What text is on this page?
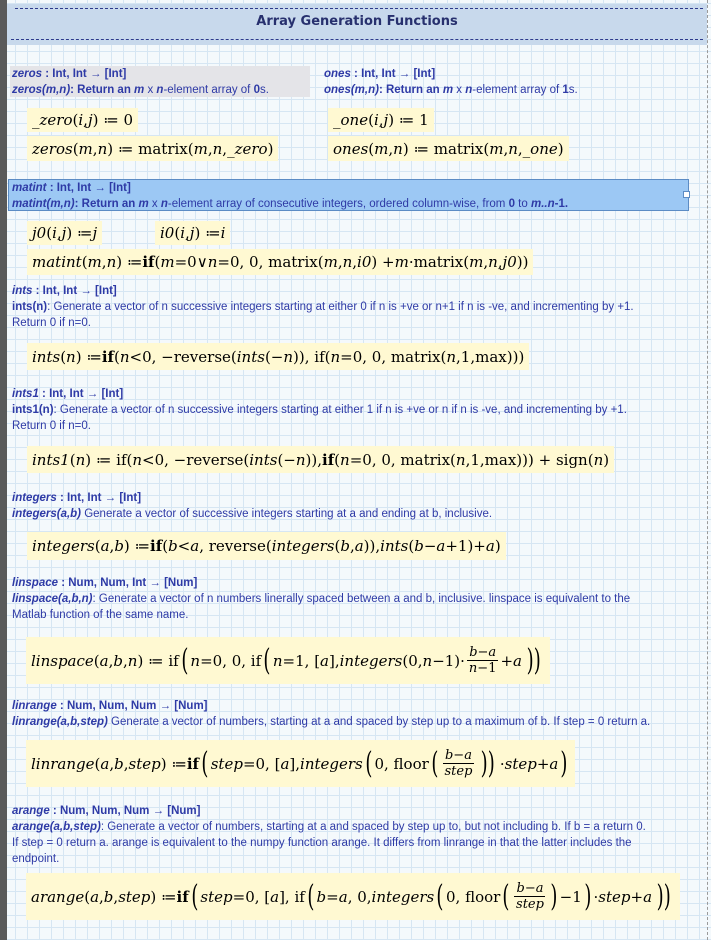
Array Generation Functions
zeros : Int, Int → [Int]
zeros(m,n): Return an m x n-element array of 0s.
_zero ( i , j ) ≔ 0
zeros ( m , n ) ≔ matrix( m , n , _zero )
ones : Int, Int → [Int]
ones(m,n): Return an m x n-element array of 1s.
_one ( i , j ) ≔ 1
ones ( m , n ) ≔ matrix( m , n , _one )
matint : Int, Int → [Int]
matint(m,n): Return an m x n-element array of consecutive integers, ordered column-wise, from 0 to m..n-1.
j0 ( i , j ) ≔ j	i0 ( i , j ) ≔ i
matint ( m , n ) ≔ if ( m =0∨ n =0, 0, matrix( m , n , i0 ) + m ·matrix( m , n , j0 ))
ints : Int, Int → [Int]
ints(n): Generate a vector of n successive integers starting at either 0 if n is +ve or n+1 if n is -ve, and incrementing by +1.
Return 0 if n=0.
ints ( n ) ≔ if ( n <0, −reverse( ints (− n )), if( n =0, 0, matrix( n ,1,max)))
ints1 : Int, Int → [Int]
ints1(n): Generate a vector of n successive integers starting at either 1 if n is +ve or n if n is -ve, and incrementing by +1.
Return 0 if n=0.
ints1 ( n ) ≔ if( n <0, −reverse( ints (− n )), if ( n =0, 0, matrix( n ,1,max))) + sign( n )
integers : Int, Int → [Int]
integers(a,b) Generate a vector of successive integers starting at a and ending at b, inclusive.
integers ( a , b ) ≔ if ( b < a , reverse( integers ( b , a )), ints ( b − a +1)+ a )
linspace : Num, Num, Int → [Num]
linspace(a,b,n): Generate a vector of n numbers linerally spaced between a and b, inclusive. linspace is equivalent to the
Matlab function of the same name.
linspace ( a , b , n ) ≔ if ( n =0, 0, if ( n =1, [ a ], integers (0, $n -1)\cdot \frac{b-a}{n-1} + a$ ))
linrange : Num, Num, Num → [Num]
linrange(a,b,step) Generate a vector of numbers, starting at a and spaced by step up to a maximum of b. If step = 0 return a.
linrange ( a , b , step ) ≔ if ( step =0, [ a ], integers ( 0, floor ( $\frac{b-a}{\text{step}}$ )) · step + a )
arange : Num, Num, Num → [Num]
arange(a,b,step): Generate a vector of numbers, starting at a and spaced by step up to, but not including b. If b = a return 0.
If step = 0 return a. arange is equivalent to the numpy function arange. It differs from linrange in that the latter includes the
endpoint.
arange ( a , b , step ) ≔ if ( step =0, [ a ], if ( b = a , 0, integers ( 0, floor ( $\frac{b-a}{\text{step}}$ ) −1 ) · step + a ))
